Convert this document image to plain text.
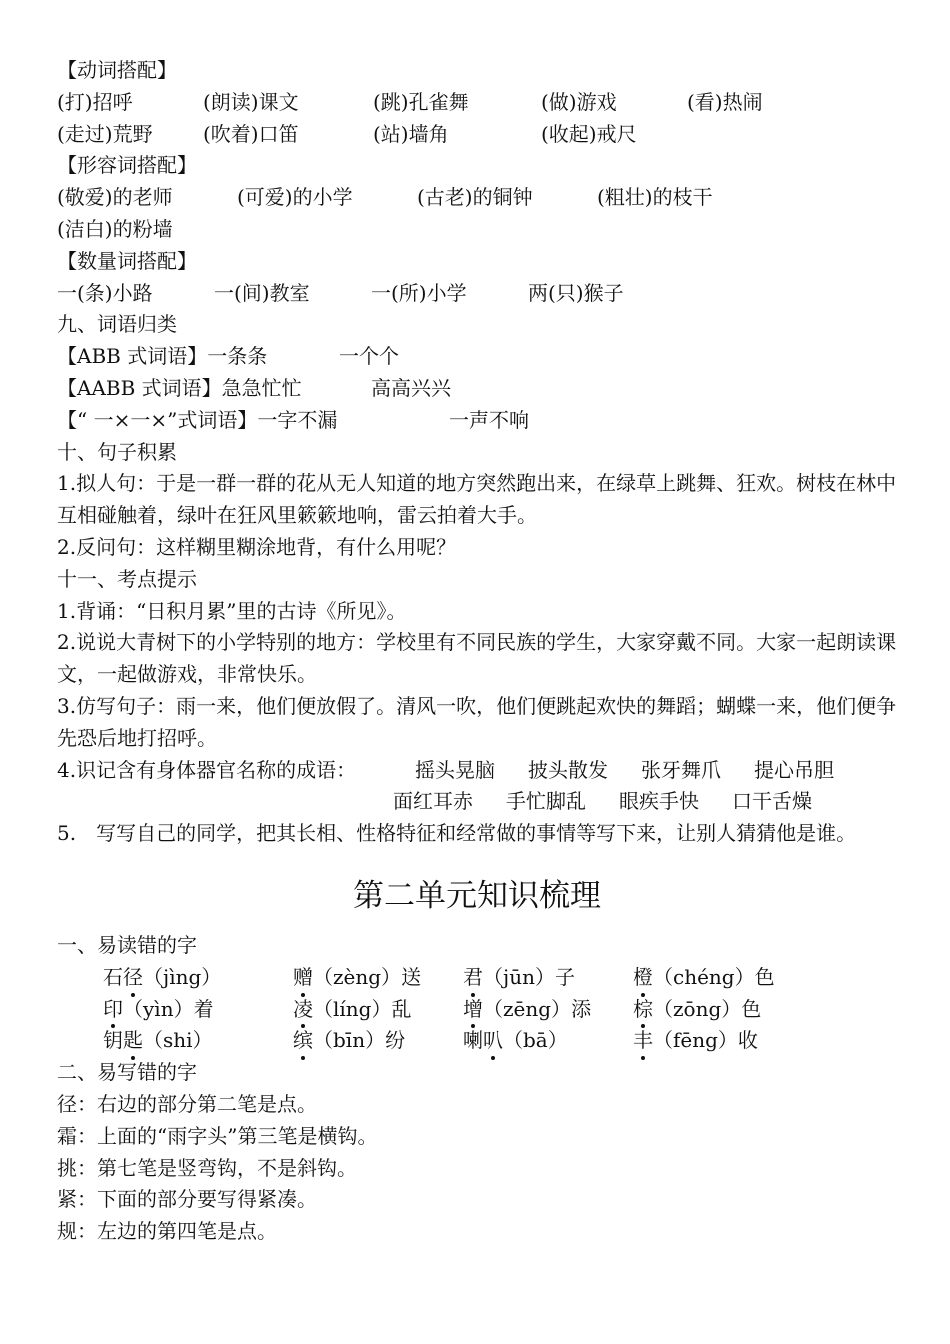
【动词搭配】
(打)招呼	(朗读)课文	(跳)孔雀舞	(做)游戏	(看)热闹
(走过)荒野	(吹着)口笛	(站)墙角	(收起)戒尺
【形容词搭配】
(敬爱)的老师	(可爱)的小学	(古老)的铜钟	(粗壮)的枝干
(洁白)的粉墙
【数量词搭配】
一(条)小路	一(间)教室	一(所)小学	两(只)猴子
九、词语归类
【ABB 式词语】一条条	一个个
【AABB 式词语】急急忙忙	高高兴兴
【“ 一×一×”式词语】一字不漏	一声不响
十、句子积累
1.拟人句：于是一群一群的花从无人知道的地方突然跑出来，在绿草上跳舞、狂欢。树枝在林中互相碰触着，绿叶在狂风里簌簌地响，雷云拍着大手。
2.反问句：这样糊里糊涂地背，有什么用呢？
十一、考点提示
1.背诵：“日积月累”里的古诗《所见》。
2.说说大青树下的小学特别的地方：学校里有不同民族的学生，大家穿戴不同。大家一起朗读课文，一起做游戏，非常快乐。
3.仿写句子：雨一来，他们便放假了。清风一吹，他们便跳起欢快的舞蹈；蝴蝶一来，他们便争先恐后地打招呼。
4.识记含有身体器官名称的成语：	摇头晃脑 披头散发 张牙舞爪 提心吊胆
面红耳赤 手忙脚乱 眼疾手快 口干舌燥
5.　写写自己的同学，把其长相、性格特征和经常做的事情等写下来，让别人猜猜他是谁。
第二单元知识梳理
一、易读错的字
石径（jìng）	赠（zèng）送 君（jūn）子	橙（chéng）色
印（yìn）着	凌（líng）乱	增（zēng）添 棕（zōng）色
钥匙（shi）	缤（bīn）纷	喇叭（bā）	丰（fēng）收
二、易写错的字
径：右边的部分第二笔是点。
霜：上面的“雨字头”第三笔是横钩。
挑：第七笔是竖弯钩，不是斜钩。
紧：下面的部分要写得紧凑。
规：左边的第四笔是点。
